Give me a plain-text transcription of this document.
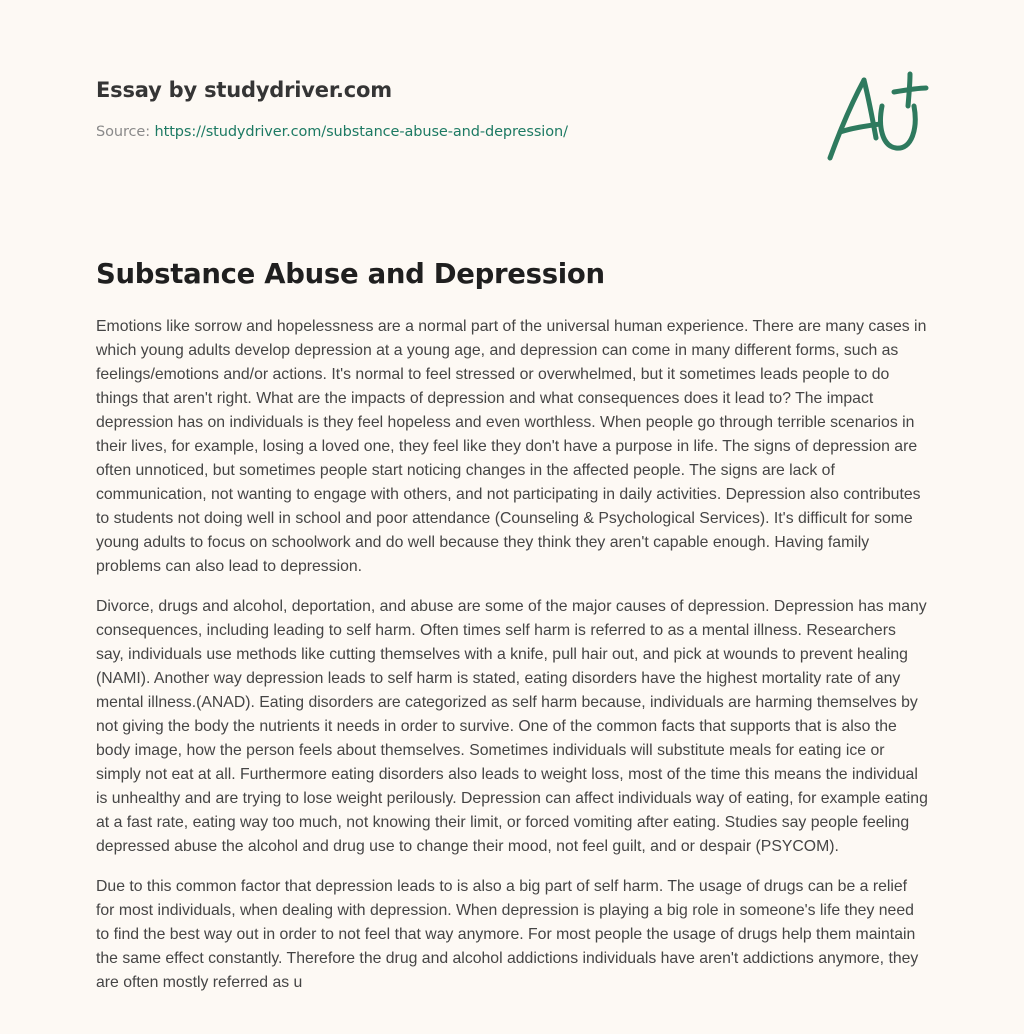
Essay by studydriver.com
Source: https://studydriver.com/substance-abuse-and-depression/
Substance Abuse and Depression

Emotions like sorrow and hopelessness are a normal part of the universal human experience. There are many cases in which young adults develop depression at a young age, and depression can come in many different forms, such as feelings/emotions and/or actions. It's normal to feel stressed or overwhelmed, but it sometimes leads people to do things that aren't right. What are the impacts of depression and what consequences does it lead to? The impact depression has on individuals is they feel hopeless and even worthless. When people go through terrible scenarios in their lives, for example, losing a loved one, they feel like they don't have a purpose in life. The signs of depression are often unnoticed, but sometimes people start noticing changes in the affected people. The signs are lack of communication, not wanting to engage with others, and not participating in daily activities. Depression also contributes to students not doing well in school and poor attendance (Counseling & Psychological Services). It's difficult for some young adults to focus on schoolwork and do well because they think they aren't capable enough. Having family problems can also lead to depression.

Divorce, drugs and alcohol, deportation, and abuse are some of the major causes of depression. Depression has many consequences, including leading to self harm. Often times self harm is referred to as a mental illness. Researchers say, individuals use methods like cutting themselves with a knife, pull hair out, and pick at wounds to prevent healing (NAMI). Another way depression leads to self harm is stated, eating disorders have the highest mortality rate of any mental illness.(ANAD). Eating disorders are categorized as self harm because, individuals are harming themselves by not giving the body the nutrients it needs in order to survive. One of the common facts that supports that is also the body image, how the person feels about themselves. Sometimes individuals will substitute meals for eating ice or simply not eat at all. Furthermore eating disorders also leads to weight loss, most of the time this means the individual is unhealthy and are trying to lose weight perilously. Depression can affect individuals way of eating, for example eating at a fast rate, eating way too much, not knowing their limit, or forced vomiting after eating. Studies say people feeling depressed abuse the alcohol and drug use to change their mood, not feel guilt, and or despair (PSYCOM).

Due to this common factor that depression leads to is also a big part of self harm. The usage of drugs can be a relief for most individuals, when dealing with depression. When depression is playing a big role in someone's life they need to find the best way out in order to not feel that way anymore. For most people the usage of drugs help them maintain the same effect constantly. Therefore the drug and alcohol addictions individuals have aren't addictions anymore, they are often mostly referred as u
